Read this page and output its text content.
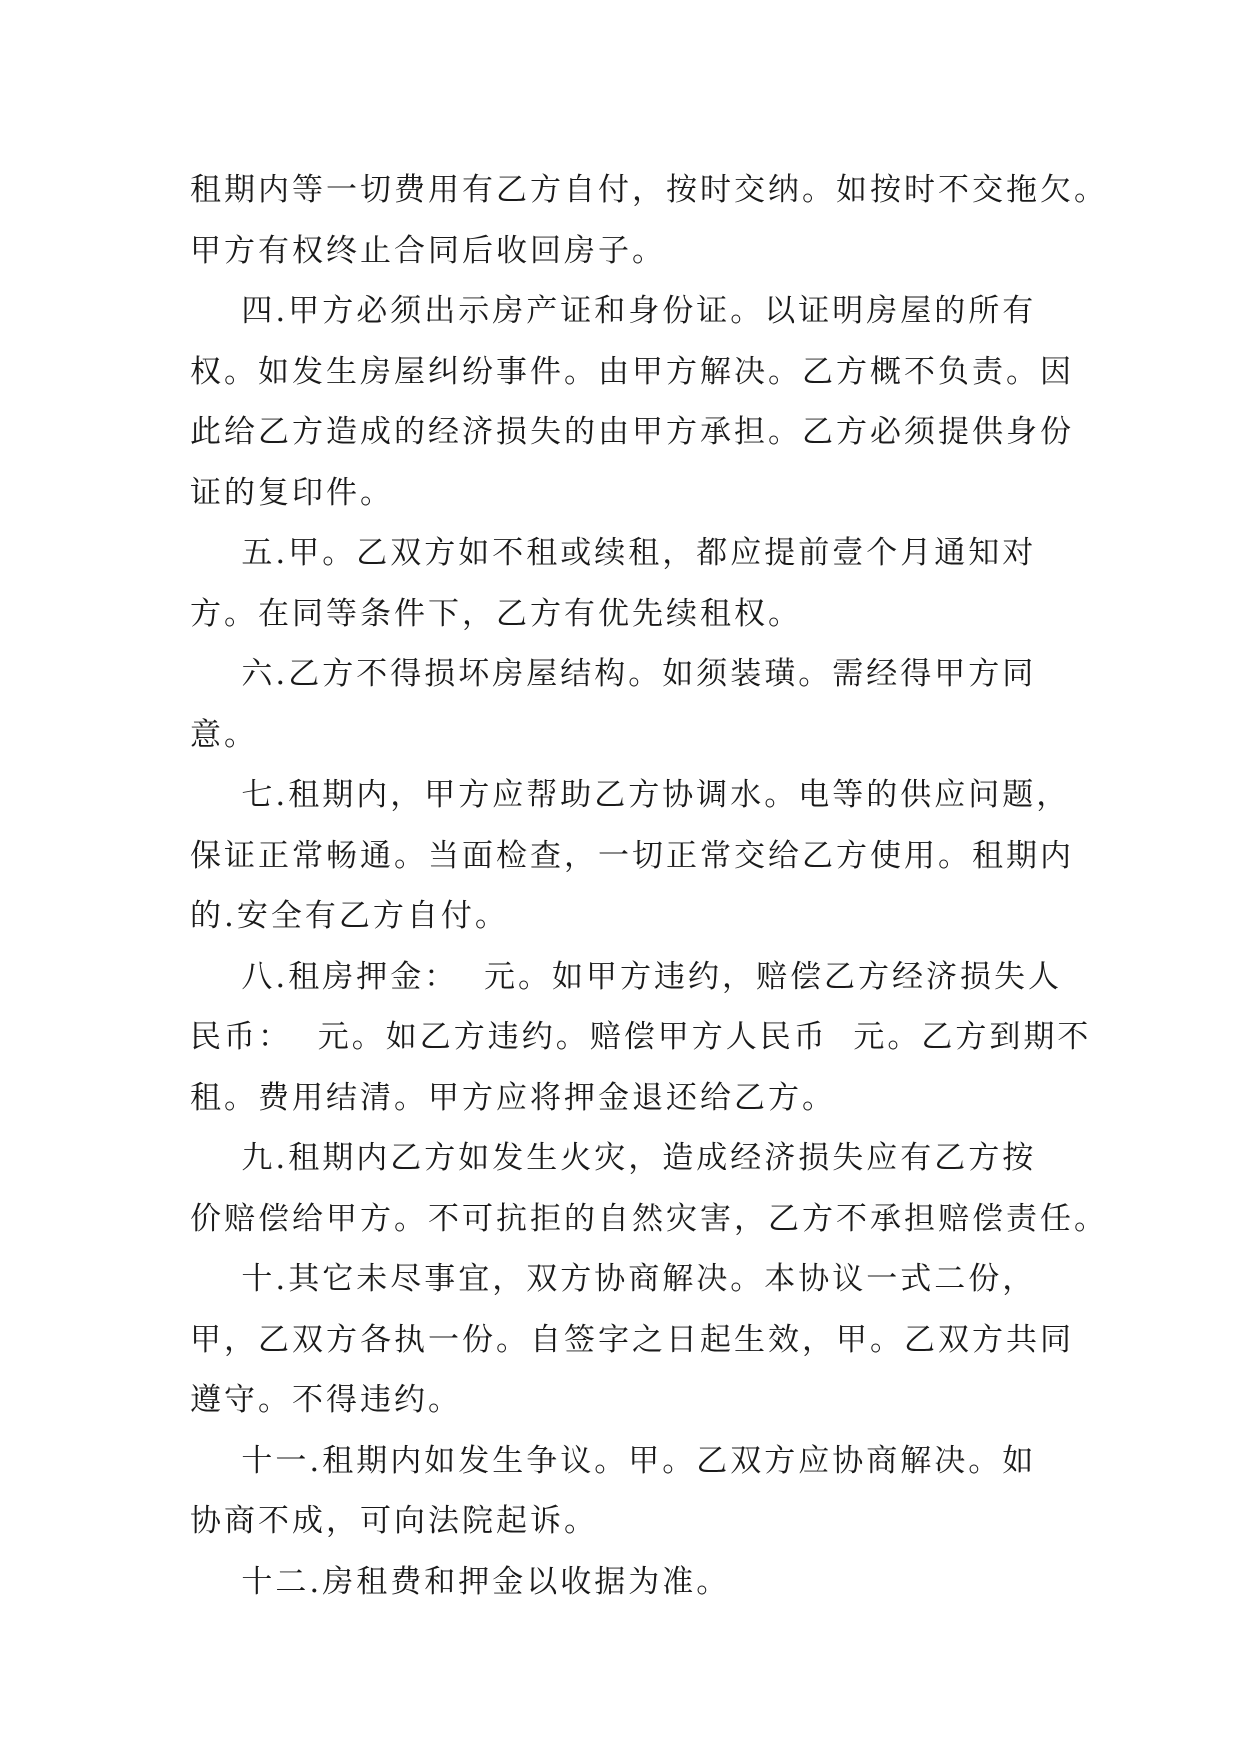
租期内等一切费用有乙方自付，按时交纳。如按时不交拖欠。

甲方有权终止合同后收回房子。

四.甲方必须出示房产证和身份证。以证明房屋的所有

权。如发生房屋纠纷事件。由甲方解决。乙方概不负责。因

此给乙方造成的经济损失的由甲方承担。乙方必须提供身份

证的复印件。

五.甲。乙双方如不租或续租，都应提前壹个月通知对

方。在同等条件下，乙方有优先续租权。

六.乙方不得损坏房屋结构。如须装璜。需经得甲方同

意。

七.租期内，甲方应帮助乙方协调水。电等的供应问题，

保证正常畅通。当面检查，一切正常交给乙方使用。租期内

的.安全有乙方自付。

八.租房押金：  元。如甲方违约，赔偿乙方经济损失人

民币：  元。如乙方违约。赔偿甲方人民币  元。乙方到期不

租。费用结清。甲方应将押金退还给乙方。

九.租期内乙方如发生火灾，造成经济损失应有乙方按

价赔偿给甲方。不可抗拒的自然灾害，乙方不承担赔偿责任。

十.其它未尽事宜，双方协商解决。本协议一式二份，

甲，乙双方各执一份。自签字之日起生效，甲。乙双方共同

遵守。不得违约。

十一.租期内如发生争议。甲。乙双方应协商解决。如

协商不成，可向法院起诉。

十二.房租费和押金以收据为准。
